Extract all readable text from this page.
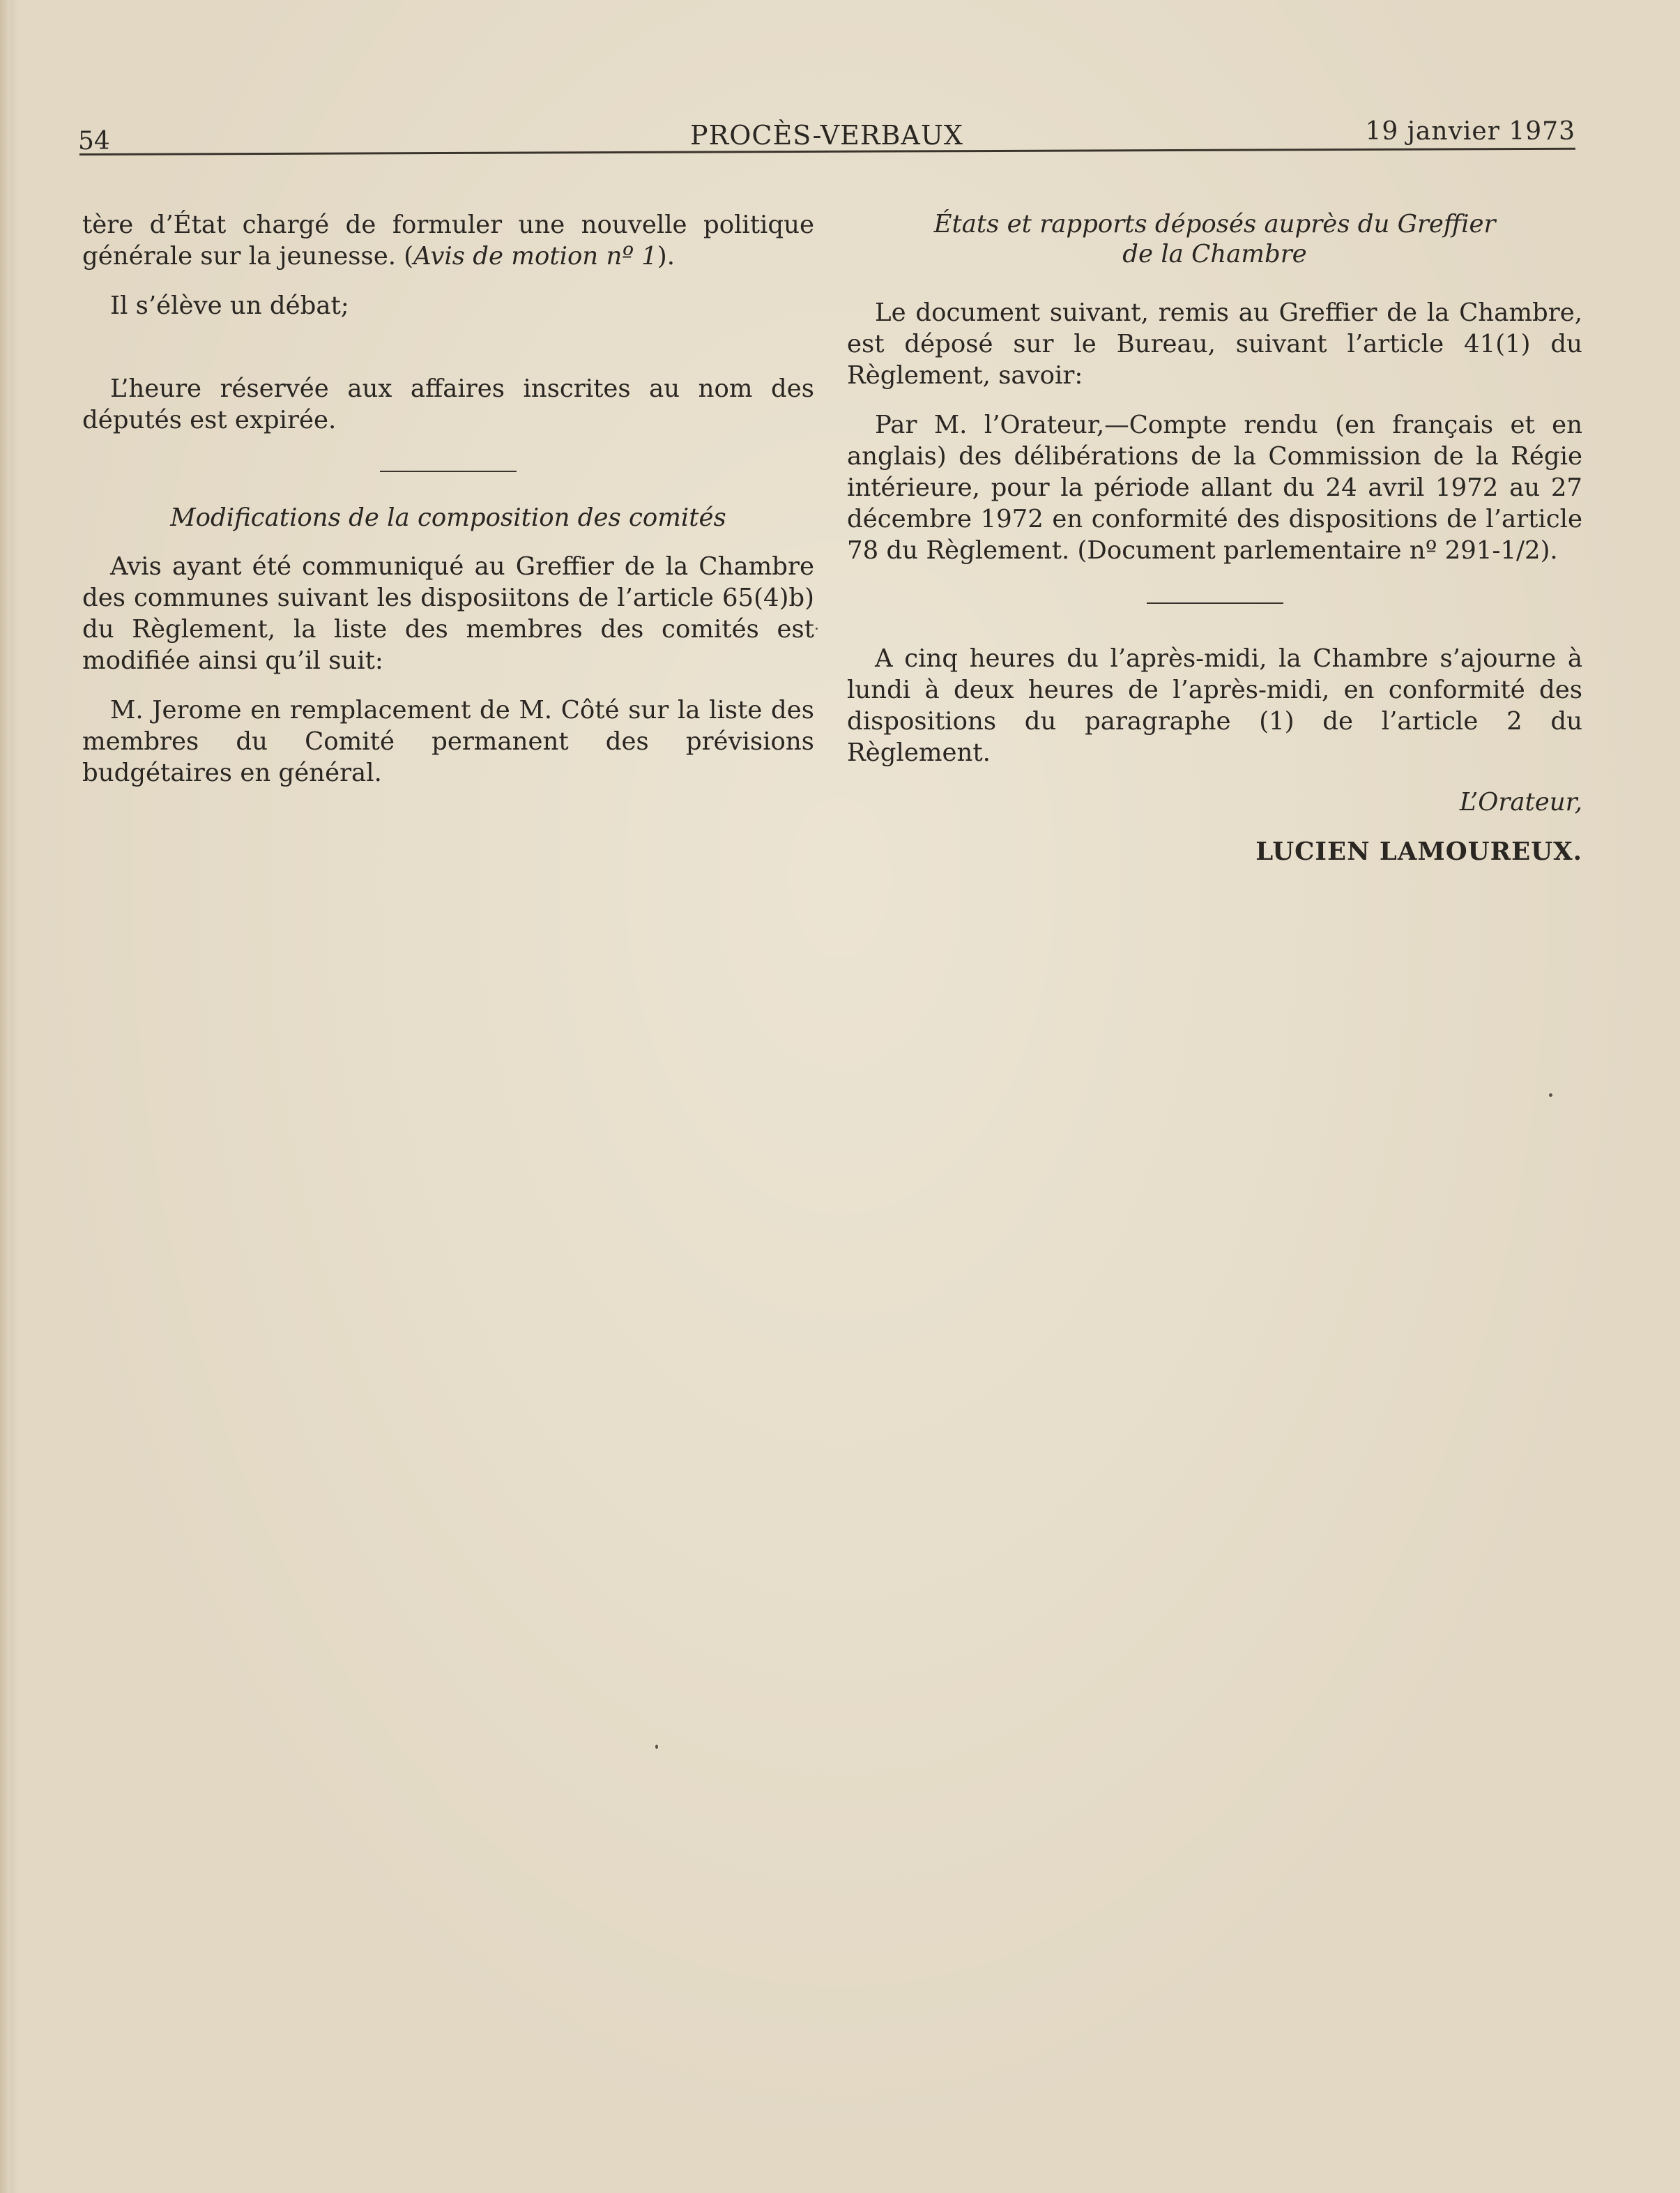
54	PROCÈS-VERBAUX	19 janvier 1973

tère d’État chargé de formuler une nouvelle politique générale sur la jeunesse. (Avis de motion nº 1).

Il s’élève un débat;

L’heure réservée aux affaires inscrites au nom des députés est expirée.

Modifications de la composition des comités

Avis ayant été communiqué au Greffier de la Chambre des communes suivant les disposiitons de l’article 65(4)b) du Règlement, la liste des membres des comités est modifiée ainsi qu’il suit:

M. Jerome en remplacement de M. Côté sur la liste des membres du Comité permanent des prévisions budgétaires en général.

États et rapports déposés auprès du Greffier
de la Chambre

Le document suivant, remis au Greffier de la Chambre, est déposé sur le Bureau, suivant l’article 41(1) du Règlement, savoir:

Par M. l’Orateur,—Compte rendu (en français et en anglais) des délibérations de la Commission de la Régie intérieure, pour la période allant du 24 avril 1972 au 27 décembre 1972 en conformité des dispositions de l’article 78 du Règlement. (Document parlementaire nº 291-1/2).

A cinq heures du l’après-midi, la Chambre s’ajourne à lundi à deux heures de l’après-midi, en conformité des dispositions du paragraphe (1) de l’article 2 du Règlement.

L’Orateur,

LUCIEN LAMOUREUX.
